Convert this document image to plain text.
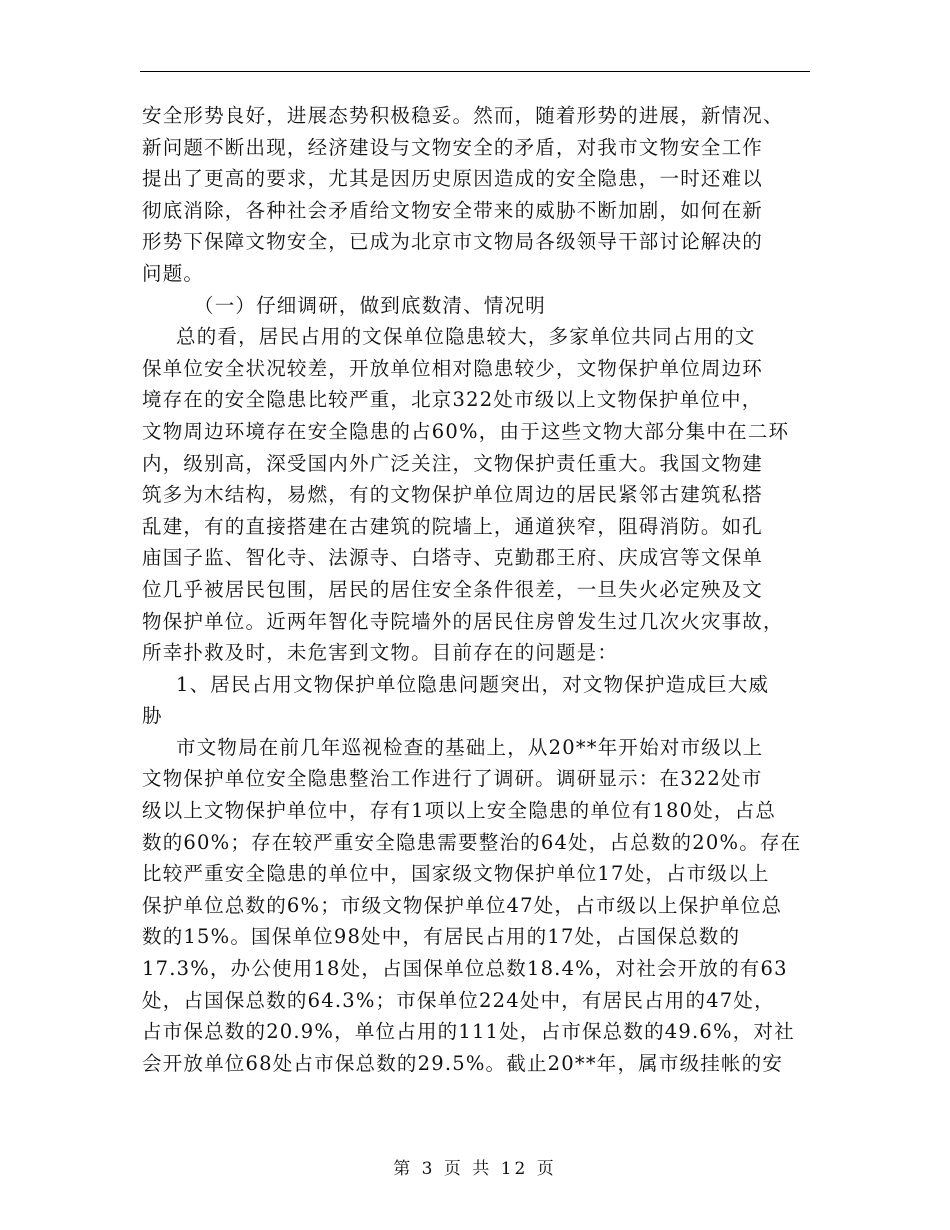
安全形势良好，进展态势积极稳妥。然而，随着形势的进展，新情况、
新问题不断出现，经济建设与文物安全的矛盾，对我市文物安全工作
提出了更高的要求，尤其是因历史原因造成的安全隐患，一时还难以
彻底消除，各种社会矛盾给文物安全带来的威胁不断加剧，如何在新
形势下保障文物安全，已成为北京市文物局各级领导干部讨论解决的
问题。
（一）仔细调研，做到底数清、情况明
总的看，居民占用的文保单位隐患较大，多家单位共同占用的文
保单位安全状况较差，开放单位相对隐患较少，文物保护单位周边环
境存在的安全隐患比较严重，北京322处市级以上文物保护单位中，
文物周边环境存在安全隐患的占60%，由于这些文物大部分集中在二环
内，级别高，深受国内外广泛关注，文物保护责任重大。我国文物建
筑多为木结构，易燃，有的文物保护单位周边的居民紧邻古建筑私搭
乱建，有的直接搭建在古建筑的院墙上，通道狭窄，阻碍消防。如孔
庙国子监、智化寺、法源寺、白塔寺、克勤郡王府、庆成宫等文保单
位几乎被居民包围，居民的居住安全条件很差，一旦失火必定殃及文
物保护单位。近两年智化寺院墙外的居民住房曾发生过几次火灾事故，
所幸扑救及时，未危害到文物。目前存在的问题是：
1、居民占用文物保护单位隐患问题突出，对文物保护造成巨大威
胁
市文物局在前几年巡视检查的基础上，从20**年开始对市级以上
文物保护单位安全隐患整治工作进行了调研。调研显示：在322处市
级以上文物保护单位中，存有1项以上安全隐患的单位有180处，占总
数的60%；存在较严重安全隐患需要整治的64处，占总数的20%。存在
比较严重安全隐患的单位中，国家级文物保护单位17处，占市级以上
保护单位总数的6%；市级文物保护单位47处，占市级以上保护单位总
数的15%。国保单位98处中，有居民占用的17处，占国保总数的
17.3%，办公使用18处，占国保单位总数18.4%，对社会开放的有63
处，占国保总数的64.3%；市保单位224处中，有居民占用的47处，
占市保总数的20.9%，单位占用的111处，占市保总数的49.6%，对社
会开放单位68处占市保总数的29.5%。截止20**年，属市级挂帐的安
第 3 页 共 12 页
